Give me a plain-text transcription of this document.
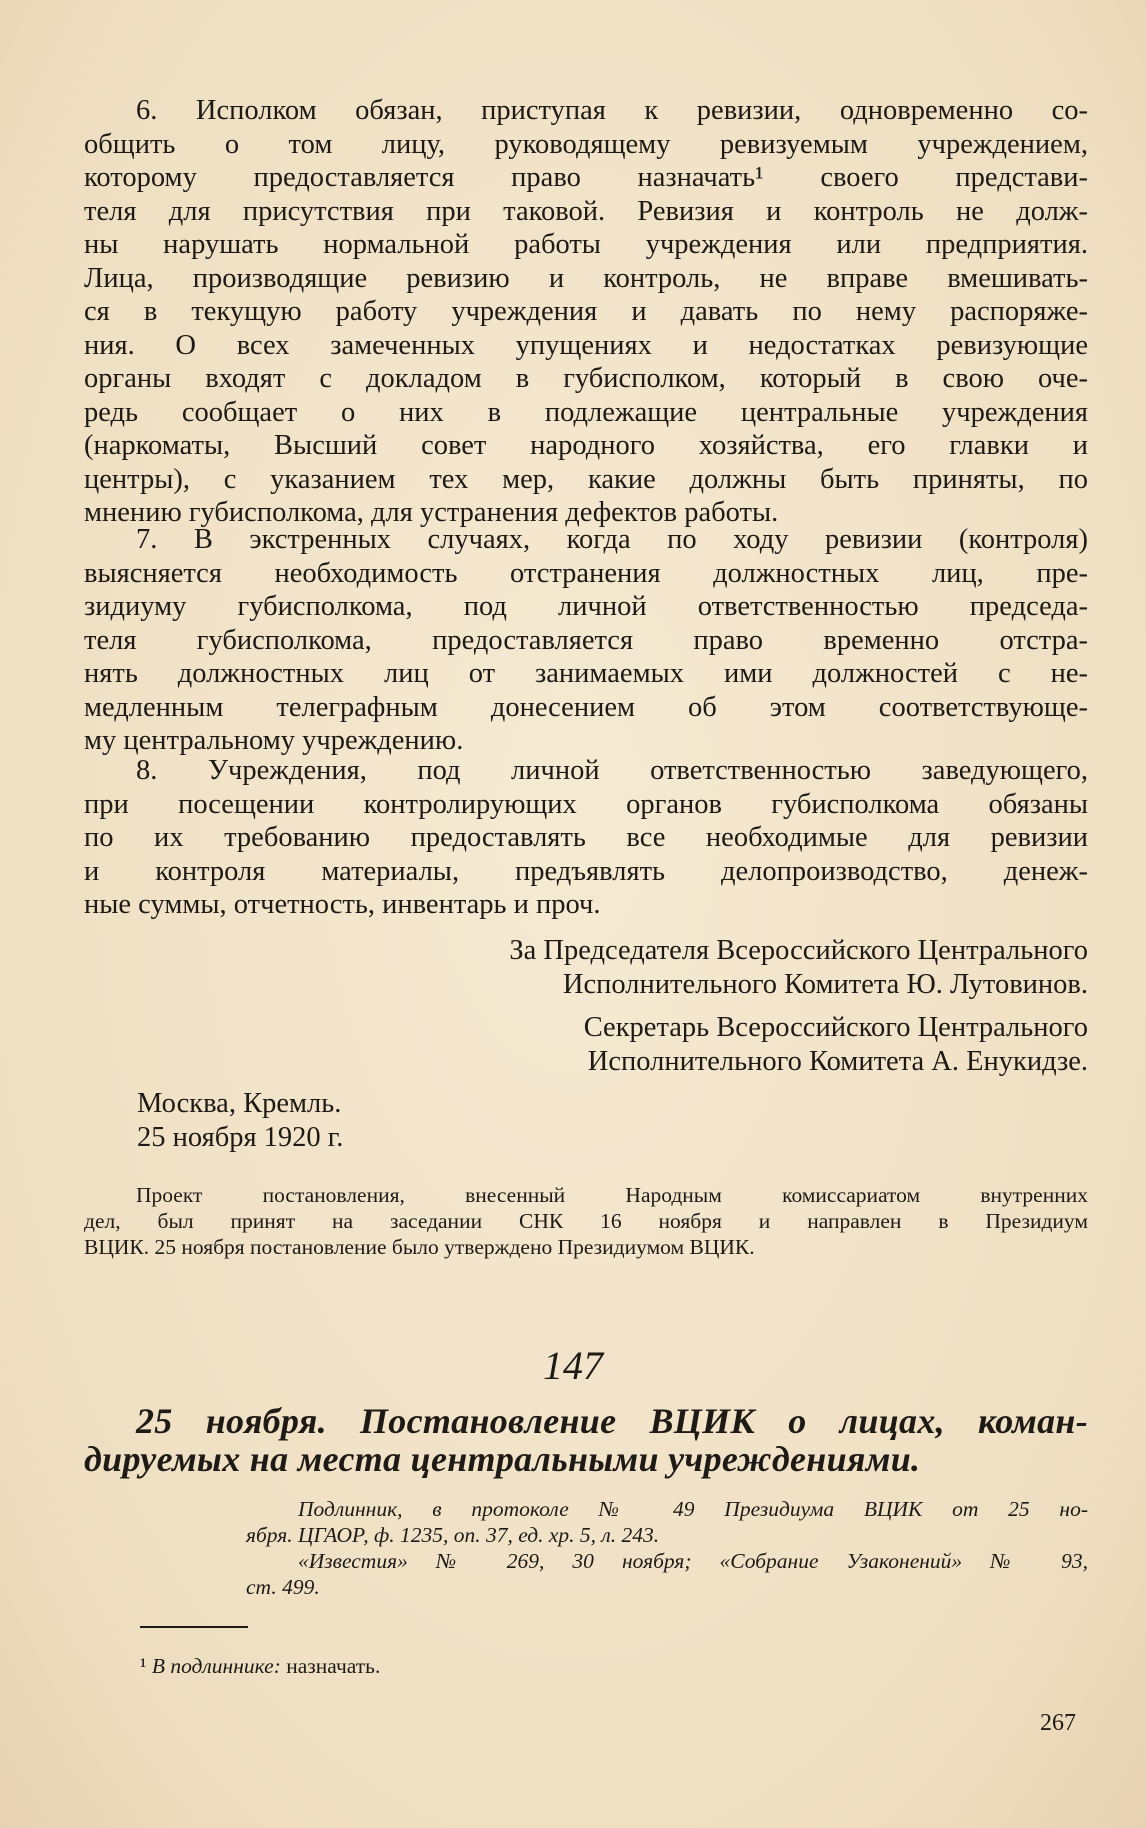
6. Исполком обязан, приступая к ревизии, одновременно со-
общить о том лицу, руководящему ревизуемым учреждением,
которому предоставляется право назначать¹ своего представи-
теля для присутствия при таковой. Ревизия и контроль не долж-
ны нарушать нормальной работы учреждения или предприятия.
Лица, производящие ревизию и контроль, не вправе вмешивать-
ся в текущую работу учреждения и давать по нему распоряже-
ния. О всех замеченных упущениях и недостатках ревизующие
органы входят с докладом в губисполком, который в свою оче-
редь сообщает о них в подлежащие центральные учреждения
(наркоматы, Высший совет народного хозяйства, его главки и
центры), с указанием тех мер, какие должны быть приняты, по
мнению губисполкома, для устранения дефектов работы.
7. В экстренных случаях, когда по ходу ревизии (контроля)
выясняется необходимость отстранения должностных лиц, пре-
зидиуму губисполкома, под личной ответственностью председа-
теля губисполкома, предоставляется право временно отстра-
нять должностных лиц от занимаемых ими должностей с не-
медленным телеграфным донесением об этом соответствующе-
му центральному учреждению.
8. Учреждения, под личной ответственностью заведующего,
при посещении контролирующих органов губисполкома обязаны
по их требованию предоставлять все необходимые для ревизии
и контроля материалы, предъявлять делопроизводство, денеж-
ные суммы, отчетность, инвентарь и проч.
За Председателя Всероссийского Центрального
Исполнительного Комитета Ю. Лутовинов.
Секретарь Всероссийского Центрального
Исполнительного Комитета А. Енукидзе.
Москва, Кремль.
25 ноября 1920 г.
Проект постановления, внесенный Народным комиссариатом внутренних
дел, был принят на заседании СНК 16 ноября и направлен в Президиум
ВЦИК. 25 ноября постановление было утверждено Президиумом ВЦИК.
147
25 ноября. Постановление ВЦИК о лицах, коман-
дируемых на места центральными учреждениями.
Подлинник, в протоколе № 49 Президиума ВЦИК от 25 но-
ября. ЦГАОР, ф. 1235, оп. 37, ед. хр. 5, л. 243.
«Известия» № 269, 30 ноября; «Собрание Узаконений» № 93,
ст. 499.
¹ В подлиннике: назначать.
267
